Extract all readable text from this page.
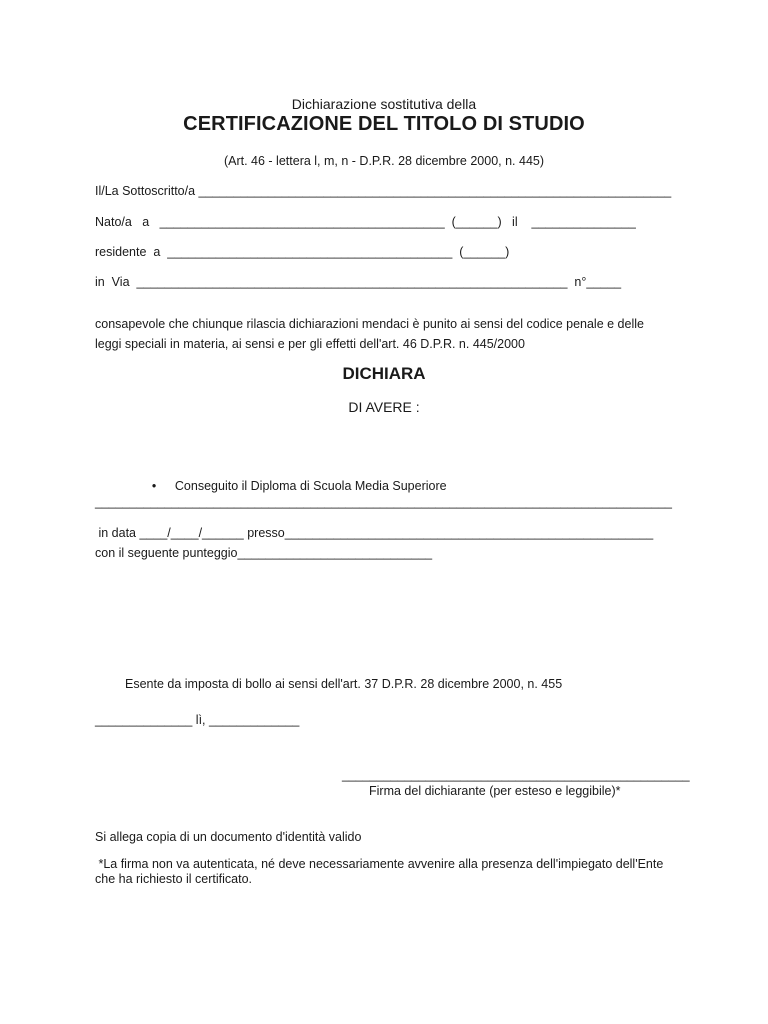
Dichiarazione sostitutiva della
CERTIFICAZIONE DEL TITOLO DI STUDIO
(Art. 46 - lettera l, m, n - D.P.R. 28 dicembre 2000, n. 445)
Il/La Sottoscritto/a ____________________________________________________________________
Nato/a   a   _________________________________________  (______)   il    _______________
residente  a  _________________________________________  (______)
in  Via  ______________________________________________________________  n°_____
consapevole che chiunque rilascia dichiarazioni mendaci è punito ai sensi del codice penale e delle
leggi speciali in materia, ai sensi e per gli effetti dell'art. 46 D.P.R. n. 445/2000
DICHIARA
DI AVERE :

• Conseguito il Diploma di Scuola Media Superiore

___________________________________________________________________________________
in data ____/____/______ presso_____________________________________________________
con il seguente punteggio____________________________
Esente da imposta di bollo ai sensi dell'art. 37 D.P.R. 28 dicembre 2000, n. 455
______________ lì, _____________
__________________________________________________
Firma del dichiarante (per esteso e leggibile)*
Si allega copia di un documento d'identità valido
*La firma non va autenticata, né deve necessariamente avvenire alla presenza dell'impiegato dell'Ente
che ha richiesto il certificato.
